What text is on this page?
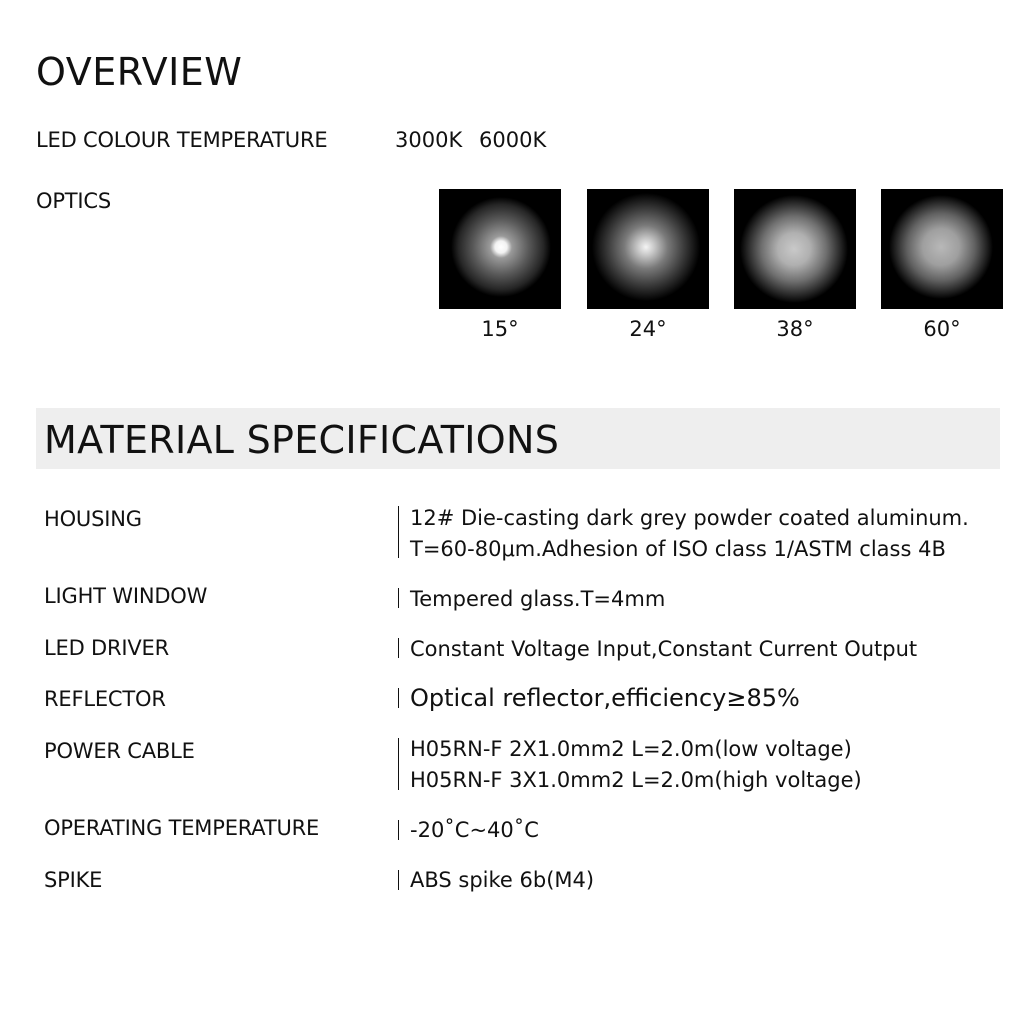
OVERVIEW
LED COLOUR TEMPERATURE	3000K 6000K
OPTICS
15°	24°	38°	60°
MATERIAL SPECIFICATIONS
HOUSING	12# Die-casting dark grey powder coated aluminum.
T=60-80μm.Adhesion of ISO class 1/ASTM class 4B
LIGHT WINDOW	Tempered glass.T=4mm
LED DRIVER	Constant Voltage Input,Constant Current Output
REFLECTOR	Optical reflector,efficiency≥85%
POWER CABLE	H05RN-F 2X1.0mm2 L=2.0m(low voltage)
H05RN-F 3X1.0mm2 L=2.0m(high voltage)
OPERATING TEMPERATURE	-20˚C~40˚C
SPIKE	ABS spike 6b(M4)
